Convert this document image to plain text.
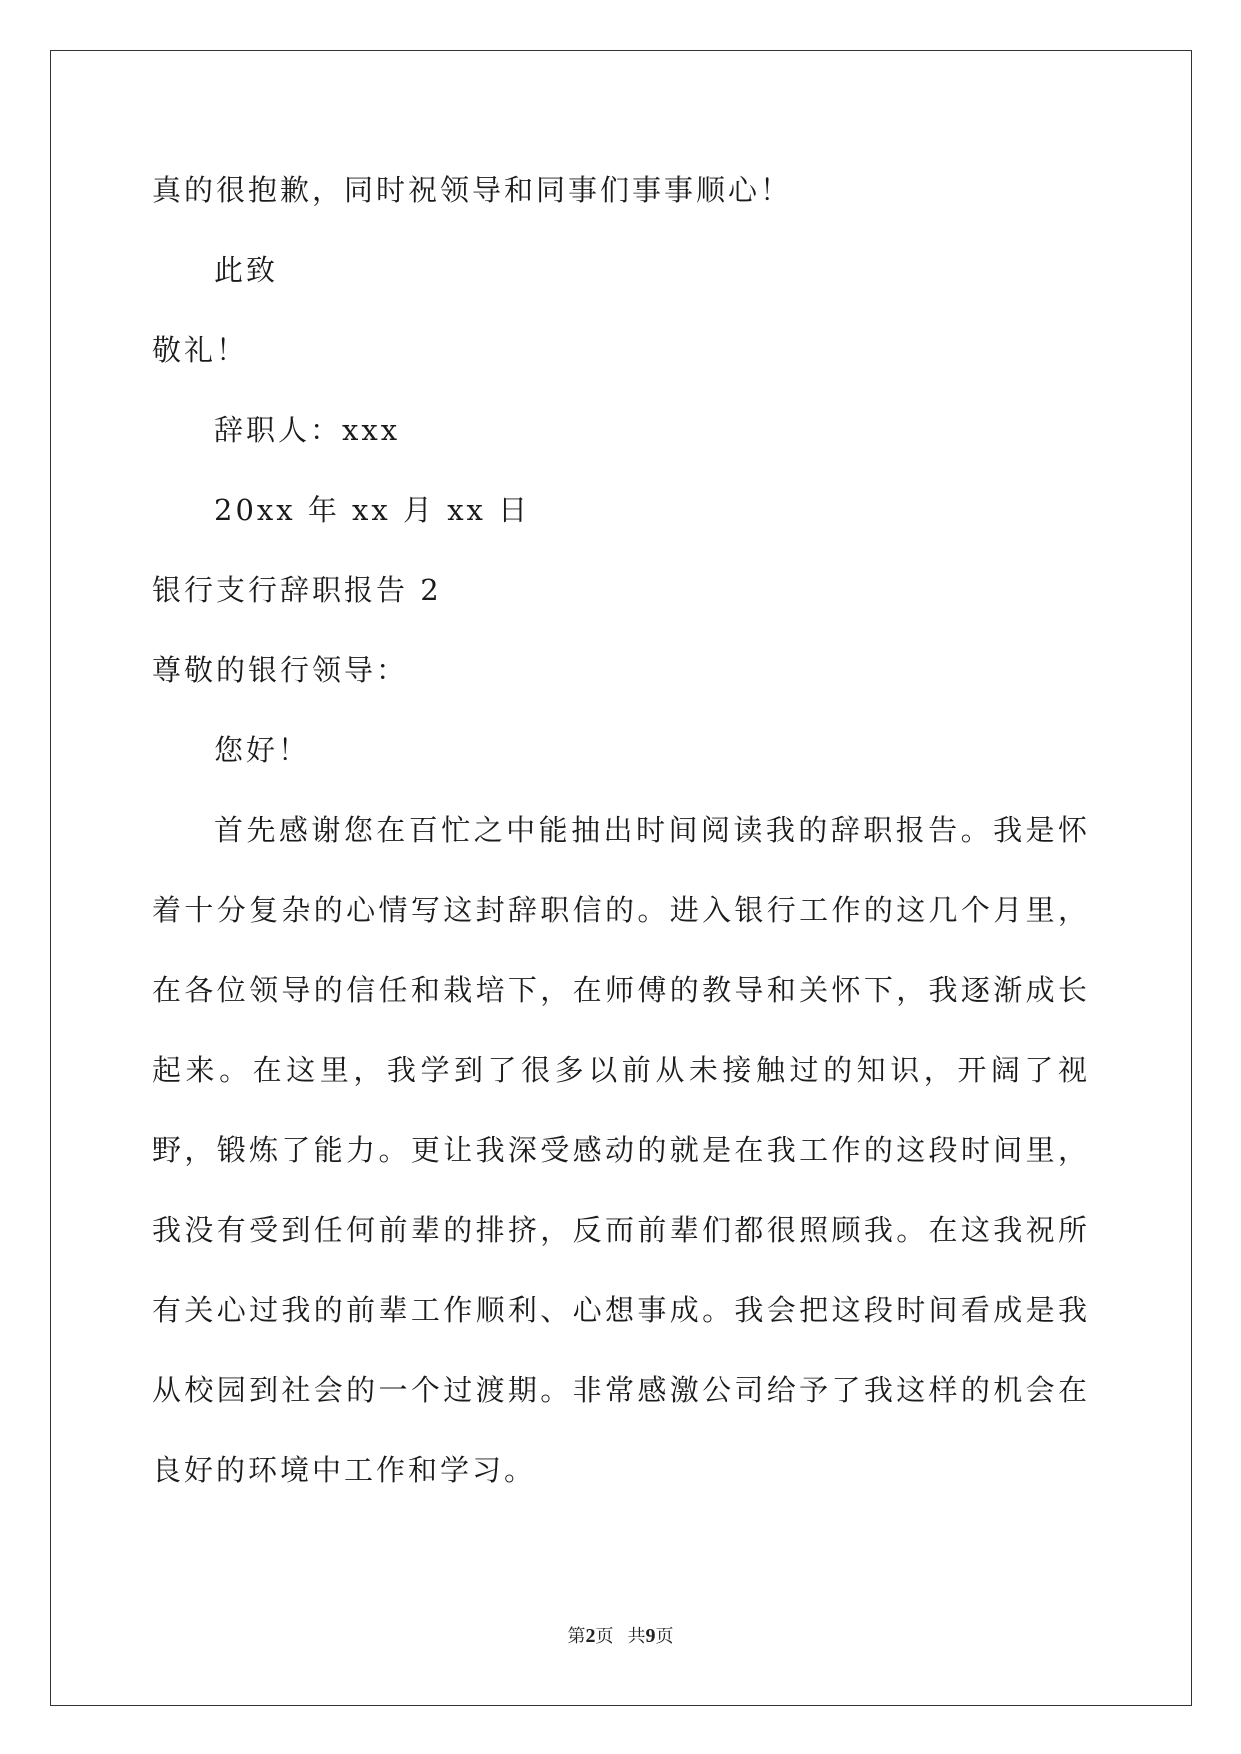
真的很抱歉，同时祝领导和同事们事事顺心！
此致
敬礼！
辞职人：xxx
20xx 年 xx 月 xx 日
银行支行辞职报告 2
尊敬的银行领导：
您好！

首先感谢您在百忙之中能抽出时间阅读我的辞职报告。我是怀着十分复杂的心情写这封辞职信的。进入银行工作的这几个月里，在各位领导的信任和栽培下，在师傅的教导和关怀下，我逐渐成长起来。在这里，我学到了很多以前从未接触过的知识，开阔了视野，锻炼了能力。更让我深受感动的就是在我工作的这段时间里，我没有受到任何前辈的排挤，反而前辈们都很照顾我。在这我祝所有关心过我的前辈工作顺利、心想事成。我会把这段时间看成是我从校园到社会的一个过渡期。非常感激公司给予了我这样的机会在良好的环境中工作和学习。

第2页 共9页
